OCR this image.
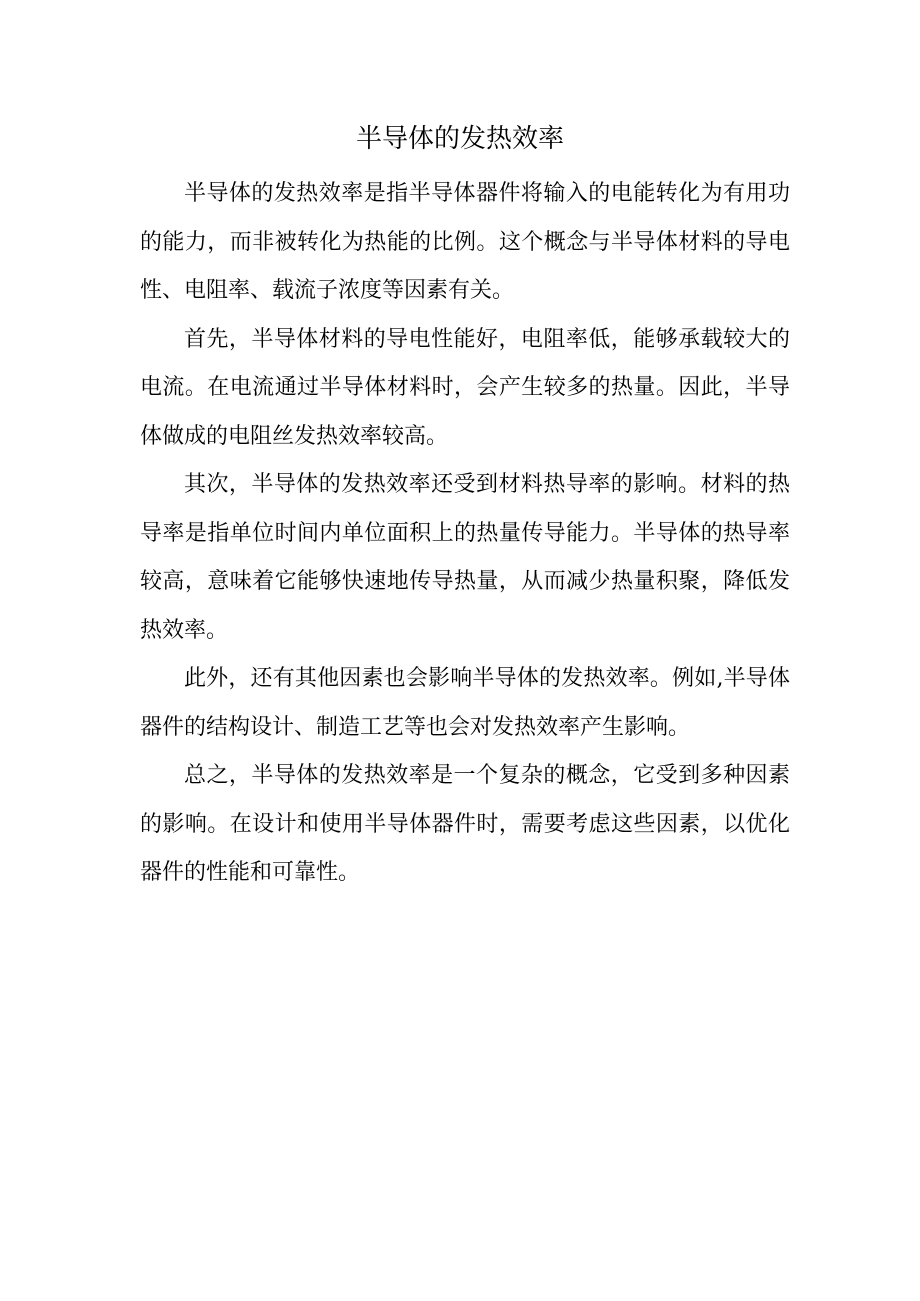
半导体的发热效率

半导体的发热效率是指半导体器件将输入的电能转化为有用功的能力，而非被转化为热能的比例。这个概念与半导体材料的导电性、电阻率、载流子浓度等因素有关。

首先，半导体材料的导电性能好，电阻率低，能够承载较大的电流。在电流通过半导体材料时，会产生较多的热量。因此，半导体做成的电阻丝发热效率较高。

其次，半导体的发热效率还受到材料热导率的影响。材料的热导率是指单位时间内单位面积上的热量传导能力。半导体的热导率较高，意味着它能够快速地传导热量，从而减少热量积聚，降低发热效率。

此外，还有其他因素也会影响半导体的发热效率。例如,半导体器件的结构设计、制造工艺等也会对发热效率产生影响。

总之，半导体的发热效率是一个复杂的概念，它受到多种因素的影响。在设计和使用半导体器件时，需要考虑这些因素，以优化器件的性能和可靠性。
